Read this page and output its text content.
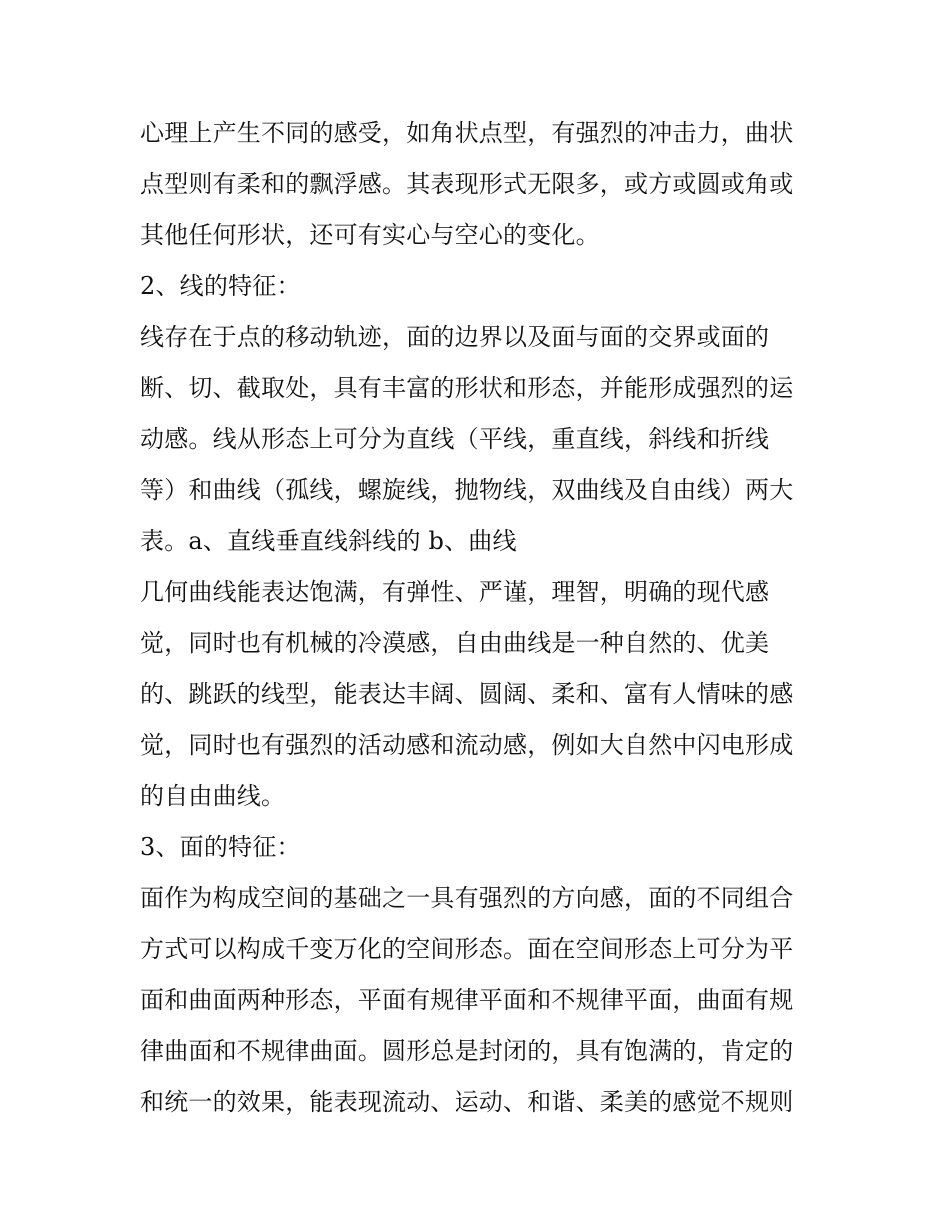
心理上产生不同的感受，如角状点型，有强烈的冲击力，曲状
点型则有柔和的飘浮感。其表现形式无限多，或方或圆或角或
其他任何形状，还可有实心与空心的变化。
2、线的特征：
线存在于点的移动轨迹，面的边界以及面与面的交界或面的
断、切、截取处，具有丰富的形状和形态，并能形成强烈的运
动感。线从形态上可分为直线（平线，重直线，斜线和折线
等）和曲线（孤线，螺旋线，抛物线，双曲线及自由线）两大
表。a、直线垂直线斜线的 b、曲线
几何曲线能表达饱满，有弹性、严谨，理智，明确的现代感
觉，同时也有机械的冷漠感，自由曲线是一种自然的、优美
的、跳跃的线型，能表达丰阔、圆阔、柔和、富有人情味的感
觉，同时也有强烈的活动感和流动感，例如大自然中闪电形成
的自由曲线。
3、面的特征：
面作为构成空间的基础之一具有强烈的方向感，面的不同组合
方式可以构成千变万化的空间形态。面在空间形态上可分为平
面和曲面两种形态，平面有规律平面和不规律平面，曲面有规
律曲面和不规律曲面。圆形总是封闭的，具有饱满的，肯定的
和统一的效果，能表现流动、运动、和谐、柔美的感觉不规则
